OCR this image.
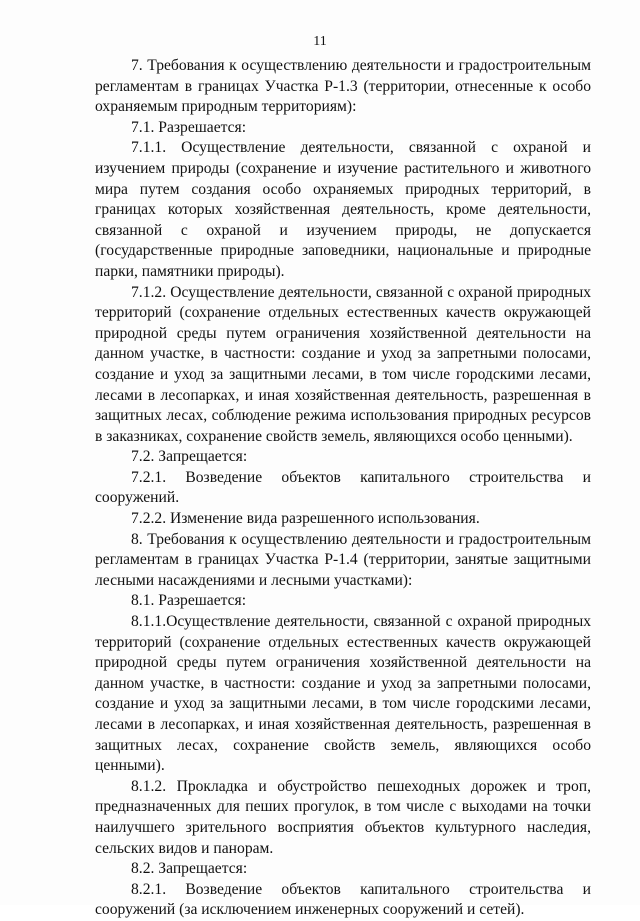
11

7. Требования к осуществлению деятельности и градостроительным регламентам в границах Участка Р-1.3 (территории, отнесенные к особо охраняемым природным территориям):

7.1. Разрешается:

7.1.1. Осуществление деятельности, связанной с охраной и изучением природы (сохранение и изучение растительного и животного мира путем создания особо охраняемых природных территорий, в границах которых хозяйственная деятельность, кроме деятельности, связанной с охраной и изучением природы, не допускается (государственные природные заповедники, национальные и природные парки, памятники природы).

7.1.2. Осуществление деятельности, связанной с охраной природных территорий (сохранение отдельных естественных качеств окружающей природной среды путем ограничения хозяйственной деятельности на данном участке, в частности: создание и уход за запретными полосами, создание и уход за защитными лесами, в том числе городскими лесами, лесами в лесопарках, и иная хозяйственная деятельность, разрешенная в защитных лесах, соблюдение режима использования природных ресурсов в заказниках, сохранение свойств земель, являющихся особо ценными).

7.2. Запрещается:

7.2.1. Возведение объектов капитального строительства и сооружений.

7.2.2. Изменение вида разрешенного использования.

8. Требования к осуществлению деятельности и градостроительным регламентам в границах Участка Р-1.4 (территории, занятые защитными лесными насаждениями и лесными участками):

8.1. Разрешается:

8.1.1.Осуществление деятельности, связанной с охраной природных территорий (сохранение отдельных естественных качеств окружающей природной среды путем ограничения хозяйственной деятельности на данном участке, в частности: создание и уход за запретными полосами, создание и уход за защитными лесами, в том числе городскими лесами, лесами в лесопарках, и иная хозяйственная деятельность, разрешенная в защитных лесах, сохранение свойств земель, являющихся особо ценными).

8.1.2. Прокладка и обустройство пешеходных дорожек и троп, предназначенных для пеших прогулок, в том числе с выходами на точки наилучшего зрительного восприятия объектов культурного наследия, сельских видов и панорам.

8.2. Запрещается:

8.2.1. Возведение объектов капитального строительства и сооружений (за исключением инженерных сооружений и сетей).
